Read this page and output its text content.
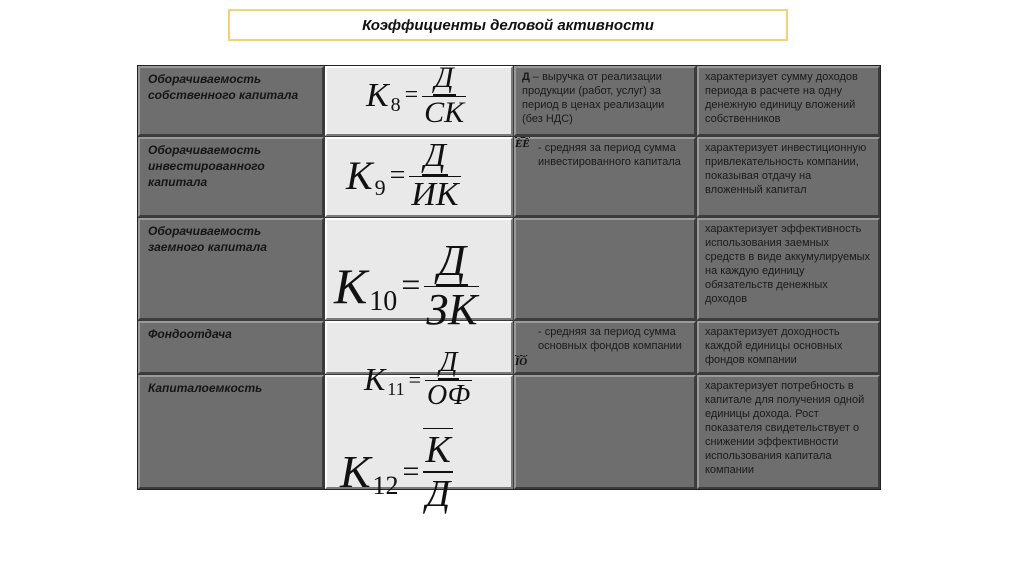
Коэффициенты деловой активности
Оборачиваемость собственного капитала
Д – выручка от реализации продукции (работ, услуг) за период в ценах реализации (без НДС)
характеризует сумму доходов периода в расчете на одну денежную единицу вложений собственников
Оборачиваемость инвестированного капитала
- средняя за период сумма инвестированного капитала
характеризует инвестиционную привлекательность компании, показывая отдачу на вложенный капитал
Оборачиваемость заемного капитала
характеризует эффективность использования заемных средств в виде аккумулируемых на каждую единицу обязательств денежных доходов
Фондоотдача	- средняя за период сумма основных фондов компании
характеризует доходность каждой единицы основных фондов компании
Капиталоемкость	характеризует потребность в капитале для получения одной единицы дохода. Рост показателя свидетельствует о снижении эффективности использования капитала компании
$\overline{ÈÊ}$
$\overline{ÎÔ}$
К $8 = \frac{Д}{СК}$
К $9 = \frac{Д}{ИК}$
К $10 = \frac{Д}{ЗК}$
К $11 = \frac{Д}{ОФ}$
К $12 = \frac{К}{Д}$
